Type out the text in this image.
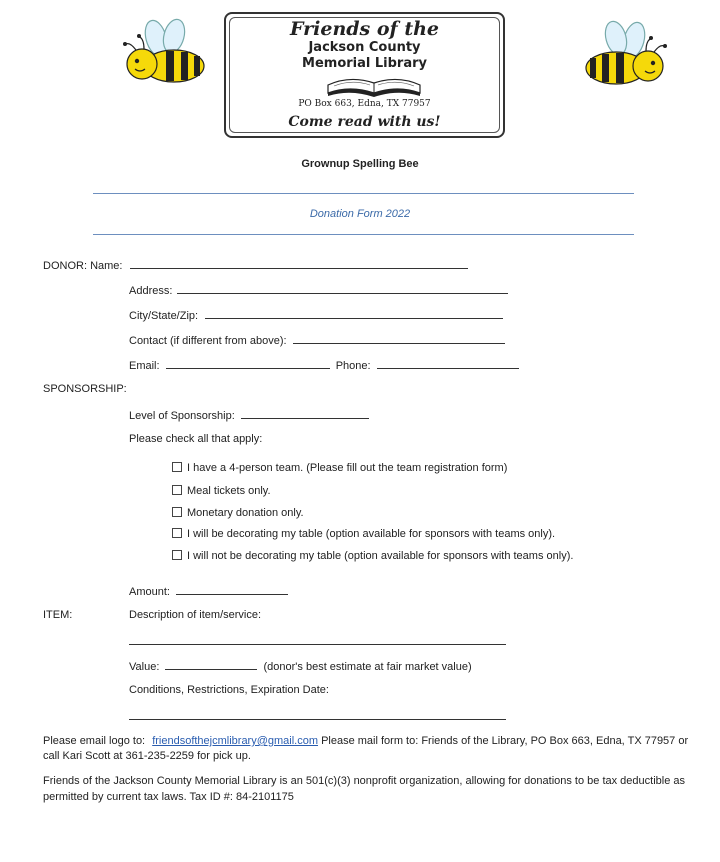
Friends of the
Jackson County
Memorial Library
PO Box 663, Edna, TX 77957
Come read with us!
Grownup Spelling Bee
Donation Form 2022
DONOR: Name:
Address:
City/State/Zip:
Contact (if different from above):
Email:	Phone:
SPONSORSHIP:
Level of Sponsorship:
Please check all that apply:
I have a 4-person team. (Please fill out the team registration form)
Meal tickets only.
Monetary donation only.
I will be decorating my table (option available for sponsors with teams only).
I will not be decorating my table (option available for sponsors with teams only).
Amount:
ITEM:	Description of item/service:
Value:	(donor's best estimate at fair market value)
Conditions, Restrictions, Expiration Date:
Please email logo to: friendsofthejcmlibrary@gmail.com Please mail form to: Friends of the Library, PO Box 663, Edna, TX 77957 or
call Kari Scott at 361-235-2259 for pick up.
Friends of the Jackson County Memorial Library is an 501(c)(3) nonprofit organization, allowing for donations to be tax deductible as
permitted by current tax laws. Tax ID #: 84-2101175
